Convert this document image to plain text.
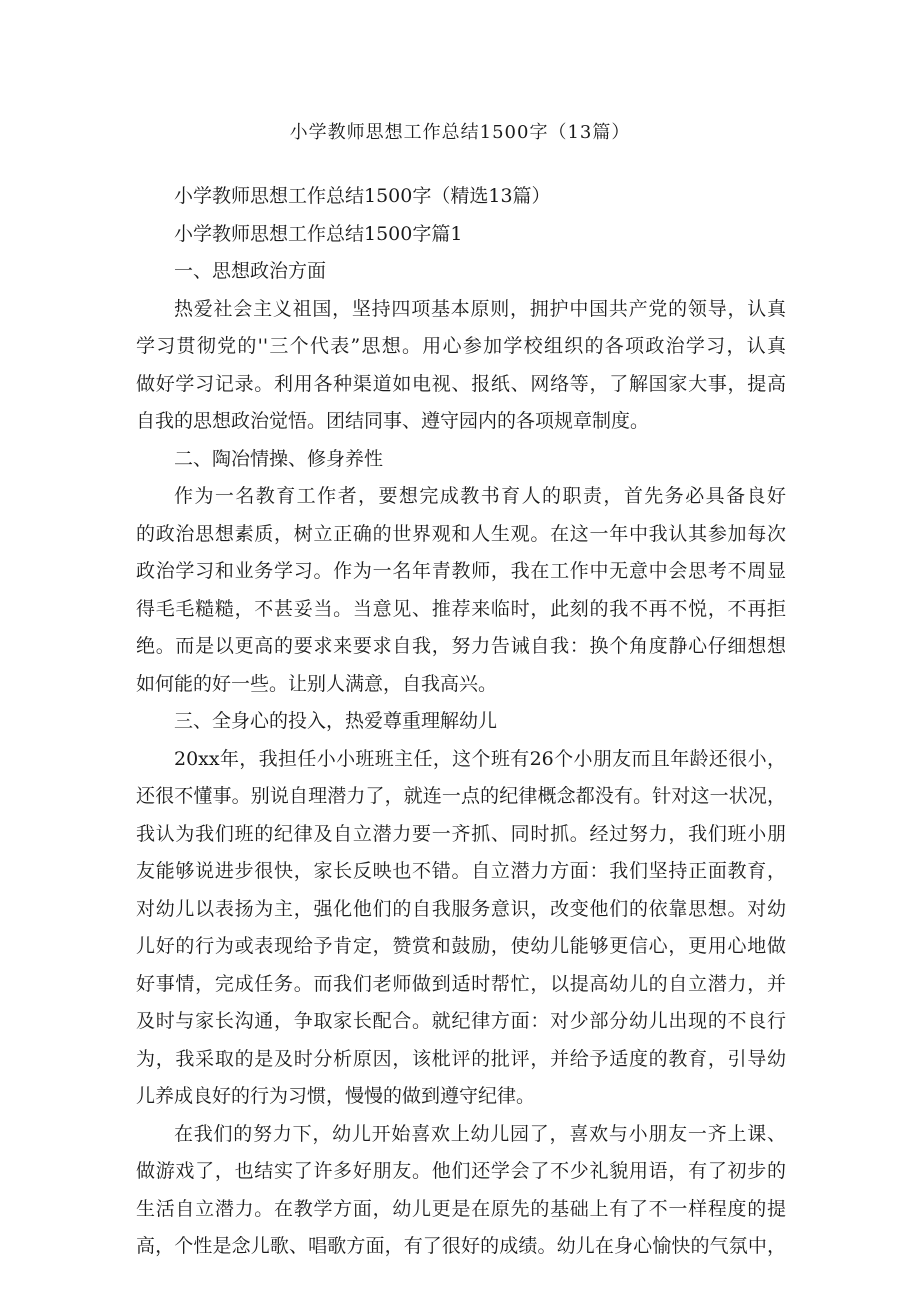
小学教师思想工作总结1500字（13篇）
小学教师思想工作总结1500字（精选13篇）
小学教师思想工作总结1500字篇1
一、思想政治方面
热爱社会主义祖国，坚持四项基本原则，拥护中国共产党的领导，认真
学习贯彻党的''三个代表”思想。用心参加学校组织的各项政治学习，认真
做好学习记录。利用各种渠道如电视、报纸、网络等，了解国家大事，提高
自我的思想政治觉悟。团结同事、遵守园内的各项规章制度。
二、陶冶情操、修身养性
作为一名教育工作者，要想完成教书育人的职责，首先务必具备良好
的政治思想素质，树立正确的世界观和人生观。在这一年中我认其参加每次
政治学习和业务学习。作为一名年青教师，我在工作中无意中会思考不周显
得毛毛糙糙，不甚妥当。当意见、推荐来临时，此刻的我不再不悦，不再拒
绝。而是以更高的要求来要求自我，努力告诫自我：换个角度静心仔细想想
如何能的好一些。让别人满意，自我高兴。
三、全身心的投入，热爱尊重理解幼儿
20xx年，我担任小小班班主任，这个班有26个小朋友而且年龄还很小，
还很不懂事。别说自理潜力了，就连一点的纪律概念都没有。针对这一状况，
我认为我们班的纪律及自立潜力要一齐抓、同时抓。经过努力，我们班小朋
友能够说进步很快，家长反映也不错。自立潜力方面：我们坚持正面教育，
对幼儿以表扬为主，强化他们的自我服务意识，改变他们的依靠思想。对幼
儿好的行为或表现给予肯定，赞赏和鼓励，使幼儿能够更信心，更用心地做
好事情，完成任务。而我们老师做到适时帮忙，以提高幼儿的自立潜力，并
及时与家长沟通，争取家长配合。就纪律方面：对少部分幼儿出现的不良行
为，我采取的是及时分析原因，该枇评的批评，并给予适度的教育，引导幼
儿养成良好的行为习惯，慢慢的做到遵守纪律。
在我们的努力下，幼儿开始喜欢上幼儿园了，喜欢与小朋友一齐上课、
做游戏了，也结实了许多好朋友。他们还学会了不少礼貌用语，有了初步的
生活自立潜力。在教学方面，幼儿更是在原先的基础上有了不一样程度的提
高，个性是念儿歌、唱歌方面，有了很好的成绩。幼儿在身心愉快的气氛中，
